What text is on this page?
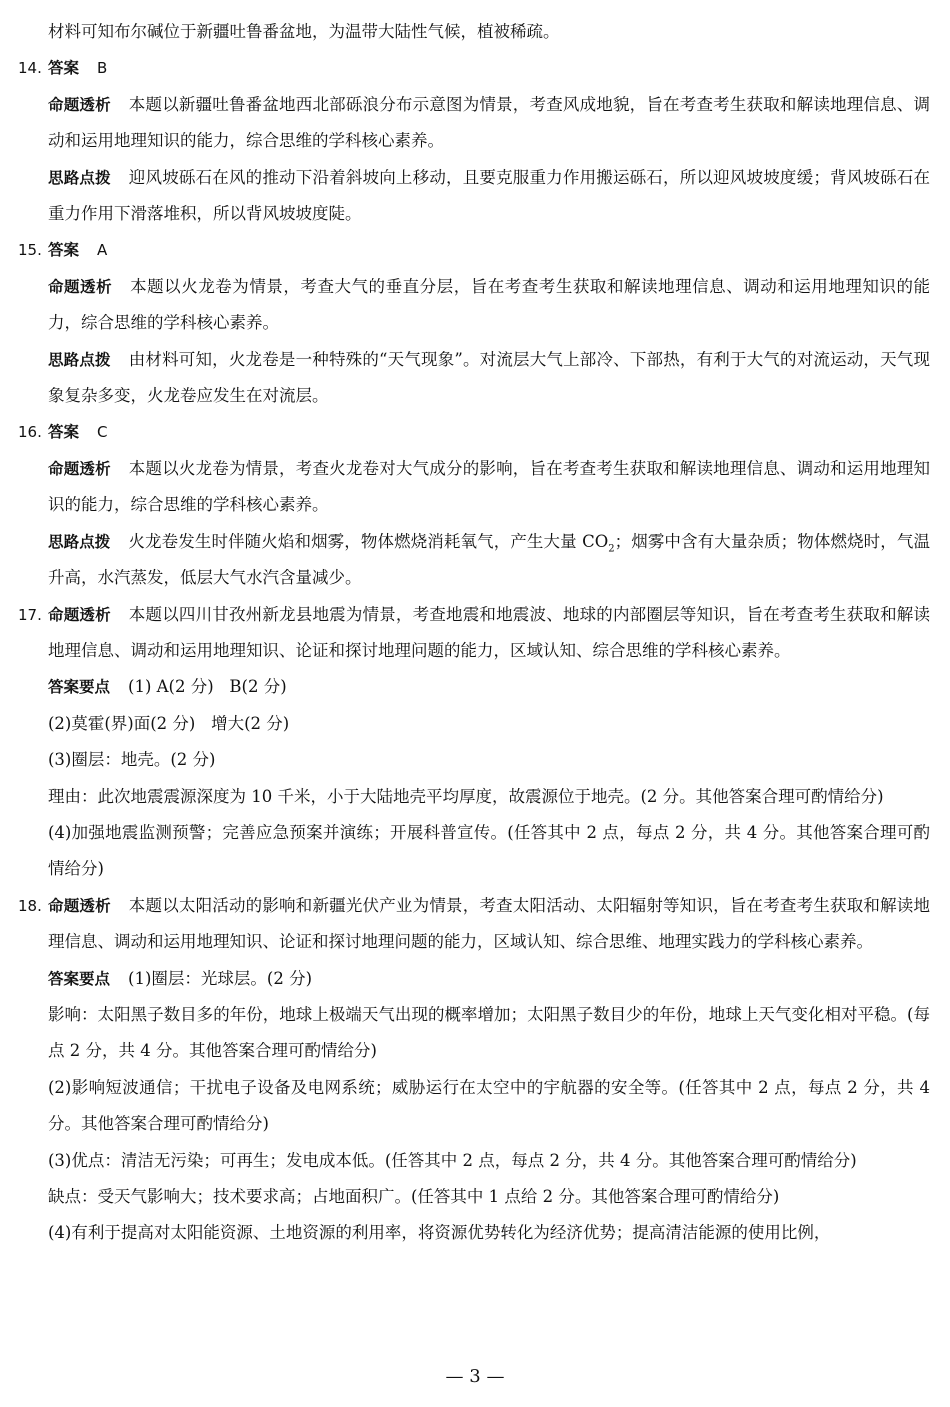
材料可知布尔碱位于新疆吐鲁番盆地，为温带大陆性气候，植被稀疏。

14. 答案 B

命题透析 本题以新疆吐鲁番盆地西北部砾浪分布示意图为情景，考查风成地貌，旨在考查考生获取和解读地理信息、调动和运用地理知识的能力，综合思维的学科核心素养。

思路点拨 迎风坡砾石在风的推动下沿着斜坡向上移动，且要克服重力作用搬运砾石，所以迎风坡坡度缓；背风坡砾石在重力作用下滑落堆积，所以背风坡坡度陡。

15. 答案 A

命题透析 本题以火龙卷为情景，考查大气的垂直分层，旨在考查考生获取和解读地理信息、调动和运用地理知识的能力，综合思维的学科核心素养。

思路点拨 由材料可知，火龙卷是一种特殊的“天气现象”。对流层大气上部冷、下部热，有利于大气的对流运动，天气现象复杂多变，火龙卷应发生在对流层。

16. 答案 C

命题透析 本题以火龙卷为情景，考查火龙卷对大气成分的影响，旨在考查考生获取和解读地理信息、调动和运用地理知识的能力，综合思维的学科核心素养。

思路点拨 火龙卷发生时伴随火焰和烟雾，物体燃烧消耗氧气，产生大量 $CO_2$；烟雾中含有大量杂质；物体燃烧时，气温升高，水汽蒸发，低层大气水汽含量减少。

17. 命题透析 本题以四川甘孜州新龙县地震为情景，考查地震和地震波、地球的内部圈层等知识，旨在考查考生获取和解读地理信息、调动和运用地理知识、论证和探讨地理问题的能力，区域认知、综合思维的学科核心素养。

答案要点 (1) A(2 分)   B(2 分)

(2)莫霍(界)面(2 分)   增大(2 分)

(3)圈层：地壳。(2 分)

理由：此次地震震源深度为 10 千米，小于大陆地壳平均厚度，故震源位于地壳。(2 分。其他答案合理可酌情给分)

(4)加强地震监测预警；完善应急预案并演练；开展科普宣传。(任答其中 2 点，每点 2 分，共 4 分。其他答案合理可酌情给分)

18. 命题透析 本题以太阳活动的影响和新疆光伏产业为情景，考查太阳活动、太阳辐射等知识，旨在考查考生获取和解读地理信息、调动和运用地理知识、论证和探讨地理问题的能力，区域认知、综合思维、地理实践力的学科核心素养。

答案要点 (1)圈层：光球层。(2 分)

影响：太阳黑子数目多的年份，地球上极端天气出现的概率增加；太阳黑子数目少的年份，地球上天气变化相对平稳。(每点 2 分，共 4 分。其他答案合理可酌情给分)

(2)影响短波通信；干扰电子设备及电网系统；威胁运行在太空中的宇航器的安全等。(任答其中 2 点，每点 2 分，共 4 分。其他答案合理可酌情给分)

(3)优点：清洁无污染；可再生；发电成本低。(任答其中 2 点，每点 2 分，共 4 分。其他答案合理可酌情给分)

缺点：受天气影响大；技术要求高；占地面积广。(任答其中 1 点给 2 分。其他答案合理可酌情给分)

(4)有利于提高对太阳能资源、土地资源的利用率，将资源优势转化为经济优势；提高清洁能源的使用比例，

— 3 —
